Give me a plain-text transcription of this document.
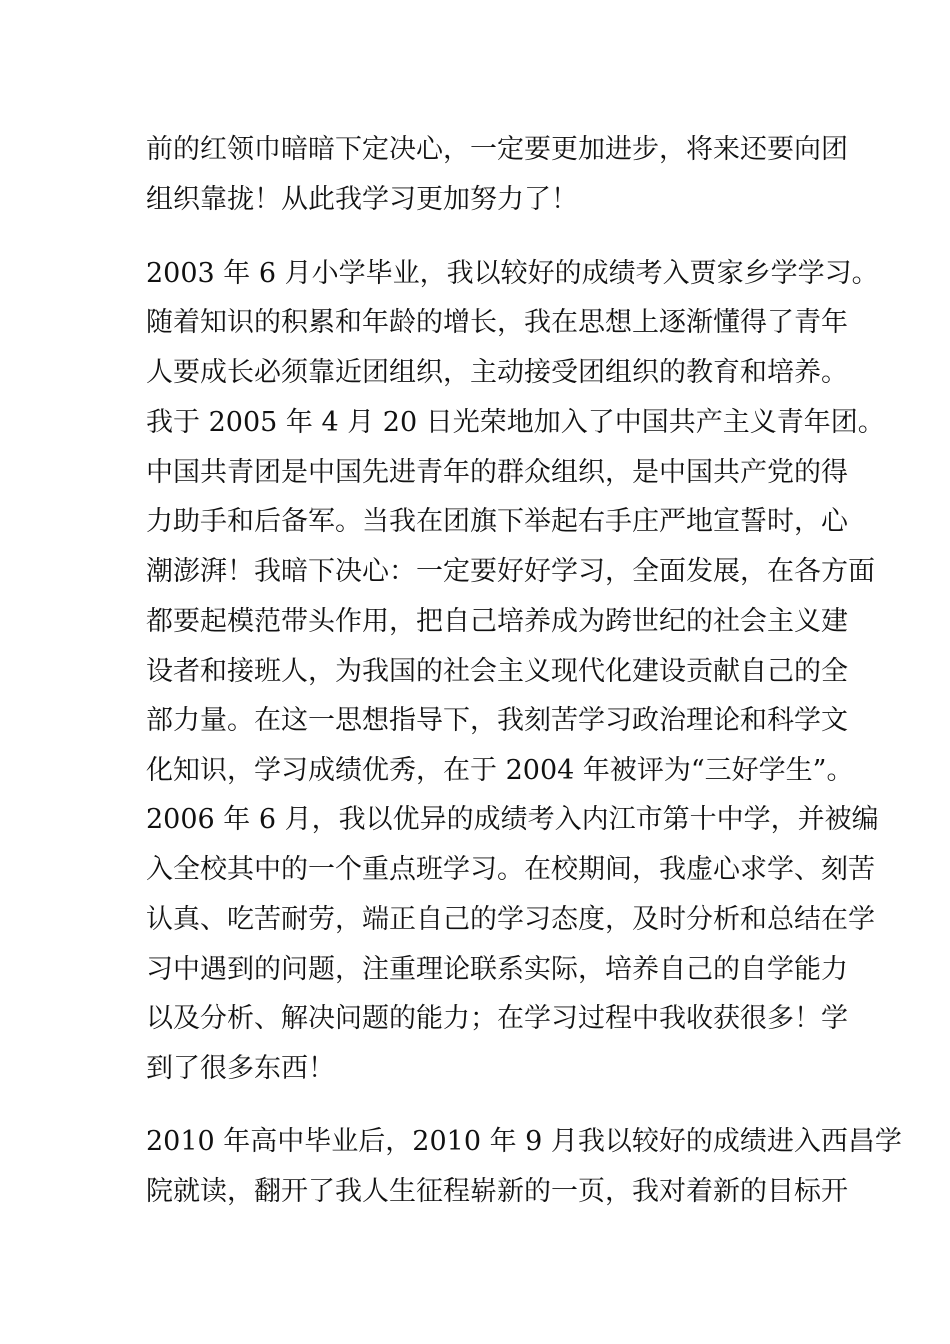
前的红领巾暗暗下定决心，一定要更加进步，将来还要向团
组织靠拢！从此我学习更加努力了！
2003 年 6 月小学毕业，我以较好的成绩考入贾家乡学学习。
随着知识的积累和年龄的增长，我在思想上逐渐懂得了青年
人要成长必须靠近团组织，主动接受团组织的教育和培养。
我于 2005 年 4 月 20 日光荣地加入了中国共产主义青年团。
中国共青团是中国先进青年的群众组织，是中国共产党的得
力助手和后备军。当我在团旗下举起右手庄严地宣誓时，心
潮澎湃！我暗下决心：一定要好好学习，全面发展，在各方面
都要起模范带头作用，把自己培养成为跨世纪的社会主义建
设者和接班人，为我国的社会主义现代化建设贡献自己的全
部力量。在这一思想指导下，我刻苦学习政治理论和科学文
化知识，学习成绩优秀，在于 2004 年被评为“三好学生”。
2006 年 6 月，我以优异的成绩考入内江市第十中学，并被编
入全校其中的一个重点班学习。在校期间，我虚心求学、刻苦
认真、吃苦耐劳，端正自己的学习态度，及时分析和总结在学
习中遇到的问题，注重理论联系实际，培养自己的自学能力
以及分析、解决问题的能力；在学习过程中我收获很多！学
到了很多东西！
2010 年高中毕业后，2010 年 9 月我以较好的成绩进入西昌学
院就读，翻开了我人生征程崭新的一页，我对着新的目标开
